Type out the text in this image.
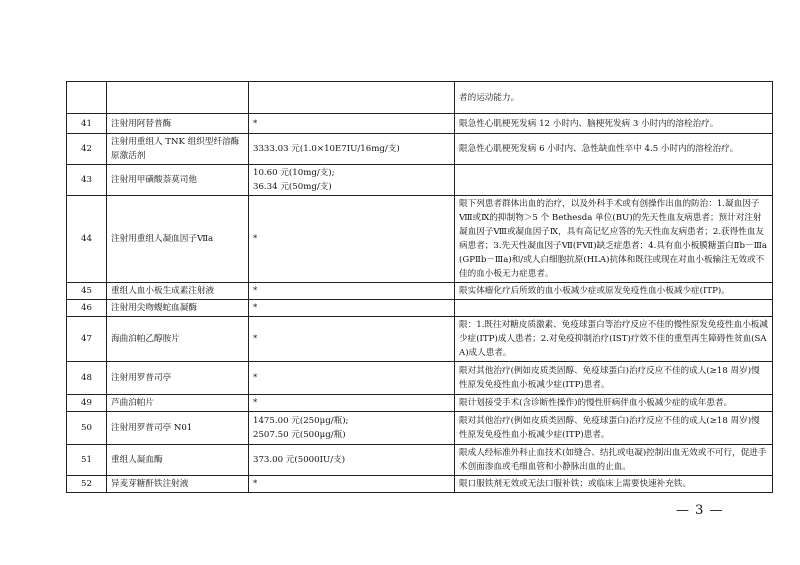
	者的运动能力。
41	注射用阿替普酶	*	限急性心肌梗死发病 12 小时内、脑梗死发病 3 小时内的溶栓治疗。
42	注射用重组人 TNK 组织型纤溶酶原激活剂	3333.03 元(1.0×10E7IU/16mg/支)	限急性心肌梗死发病 6 小时内、急性缺血性卒中 4.5 小时内的溶栓治疗。
43	注射用甲磺酸萘莫司他	10.60 元(10mg/支);
36.34 元(50mg/支)	

44	注射用重组人凝血因子Ⅶa	*	限下列患者群体出血的治疗，以及外科手术或有创操作出血的防治：1.凝血因子Ⅷ或Ⅸ的抑制物＞5 个 Bethesda 单位(BU)的先天性血友病患者；预计对注射凝血因子Ⅷ或凝血因子Ⅸ，具有高记忆应答的先天性血友病患者；2.获得性血友病患者；3.先天性凝血因子Ⅶ(FⅦ)缺乏症患者；4.具有血小板膜糖蛋白Ⅱb－Ⅲa(GPⅡb－Ⅲa)和/或人白细胞抗原(HLA)抗体和既往或现在对血小板输注无效或不佳的血小板无力症患者。
45	重组人血小板生成素注射液	*	限实体瘤化疗后所致的血小板减少症或原发免疫性血小板减少症(ITP)。
46	注射用尖吻蝮蛇血凝酶	*	

47	海曲泊帕乙醇胺片	*	限：1.既往对糖皮质激素、免疫球蛋白等治疗反应不佳的慢性原发免疫性血小板减少症(ITP)成人患者；2.对免疫抑制治疗(IST)疗效不佳的重型再生障碍性贫血(SAA)成人患者。
48	注射用罗普司亭	*	限对其他治疗(例如皮质类固醇、免疫球蛋白)治疗反应不佳的成人(≥18 周岁)慢性原发免疫性血小板减少症(ITP)患者。
49	芦曲泊帕片	*	限计划接受手术(含诊断性操作)的慢性肝病伴血小板减少症的成年患者。
50	注射用罗普司亭 N01	1475.00 元(250μg/瓶);
2507.50 元(500μg/瓶)	限对其他治疗(例如皮质类固醇、免疫球蛋白)治疗反应不佳的成人(≥18 周岁)慢性原发免疫性血小板减少症(ITP)患者。
51	重组人凝血酶	373.00 元(5000IU/支)	限成人经标准外科止血技术(如缝合、结扎或电凝)控制出血无效或不可行，促进手术创面渗血或毛细血管和小静脉出血的止血。
52	异麦芽糖酐铁注射液	*	限口服铁剂无效或无法口服补铁；或临床上需要快速补充铁。
— 3 —
